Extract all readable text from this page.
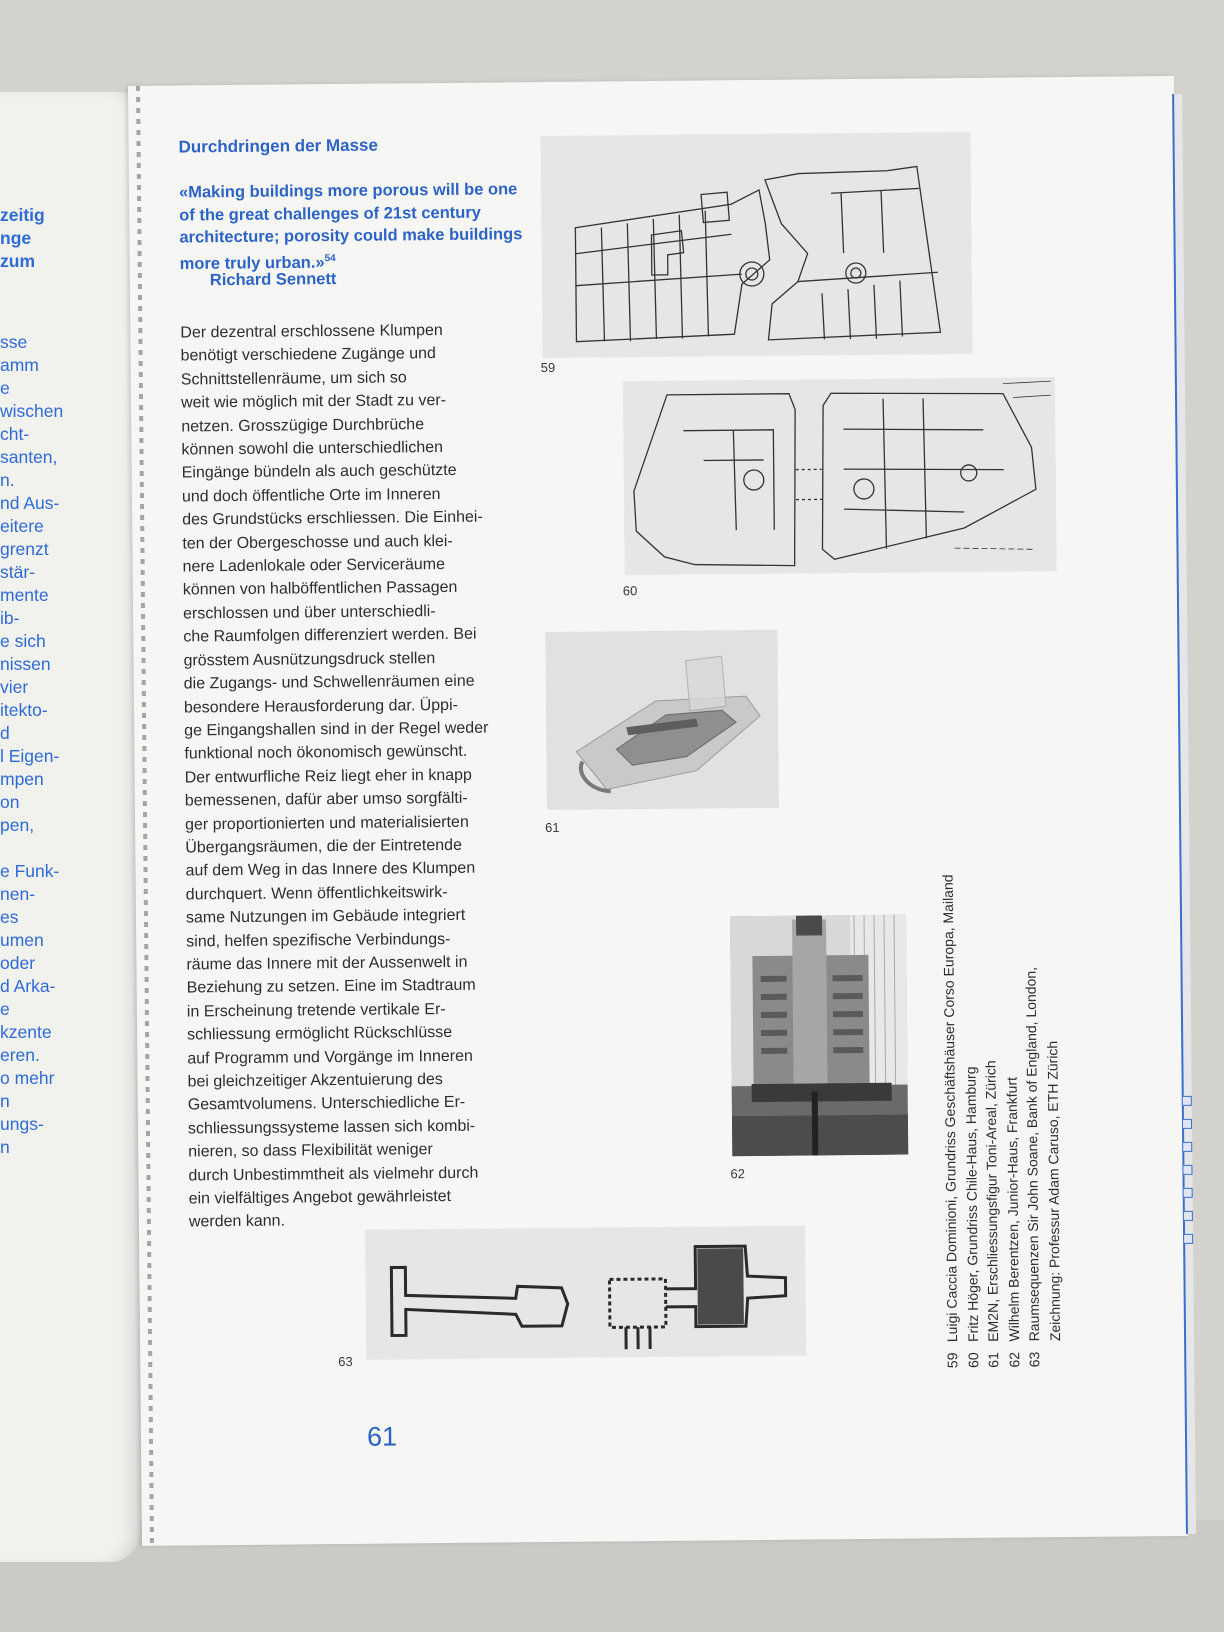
zeitig
nge
zum
sse
amm
e
wischen
cht-
santen,
n.
nd Aus-
eitere
grenzt
stär-
mente
ib-
e sich
nissen
vier
itekto-
d
l Eigen-
mpen
on
pen,
e Funk-
nen-
es
umen
oder
d Arka-
e
kzente
eren.
o mehr
n
ungs-
n
Durchdringen der Masse
«Making buildings more porous will be one of the great challenges of 21st century architecture; porosity could make buildings more truly urban.»$^{54}$
Richard Sennett
Der dezentral erschlossene Klumpen
benötigt verschiedene Zugänge und
Schnittstellenräume, um sich so
weit wie möglich mit der Stadt zu ver-
netzen. Grosszügige Durchbrüche
können sowohl die unterschiedlichen
Eingänge bündeln als auch geschützte
und doch öffentliche Orte im Inneren
des Grundstücks erschliessen. Die Einhei-
ten der Obergeschosse und auch klei-
nere Ladenlokale oder Serviceräume
können von halböffentlichen Passagen
erschlossen und über unterschiedli-
che Raumfolgen differenziert werden. Bei
grösstem Ausnützungsdruck stellen
die Zugangs- und Schwellenräumen eine
besondere Herausforderung dar. Üppi-
ge Eingangshallen sind in der Regel weder
funktional noch ökonomisch gewünscht.
Der entwurfliche Reiz liegt eher in knapp
bemessenen, dafür aber umso sorgfälti-
ger proportionierten und materialisierten
Übergangsräumen, die der Eintretende
auf dem Weg in das Innere des Klumpen
durchquert. Wenn öffentlichkeitswirk-
same Nutzungen im Gebäude integriert
sind, helfen spezifische Verbindungs-
räume das Innere mit der Aussenwelt in
Beziehung zu setzen. Eine im Stadtraum
in Erscheinung tretende vertikale Er-
schliessung ermöglicht Rückschlüsse
auf Programm und Vorgänge im Inneren
bei gleichzeitiger Akzentuierung des
Gesamtvolumens. Unterschiedliche Er-
schliessungssysteme lassen sich kombi-
nieren, so dass Flexibilität weniger
durch Unbestimmtheit als vielmehr durch
ein vielfältiges Angebot gewährleistet
werden kann.
59
60
61
62
63
61
59Luigi Caccia Dominioni, Grundriss Geschäftshäuser Corso Europa, Mailand
60Fritz Höger, Grundriss Chile-Haus, Hamburg
61EM2N, Erschliessungsfigur Toni-Areal, Zürich
62Wilhelm Berentzen, Junior-Haus, Frankfurt
63Raumsequenzen Sir John Soane, Bank of England, London, Zeichnung: Professur Adam Caruso, ETH Zürich
